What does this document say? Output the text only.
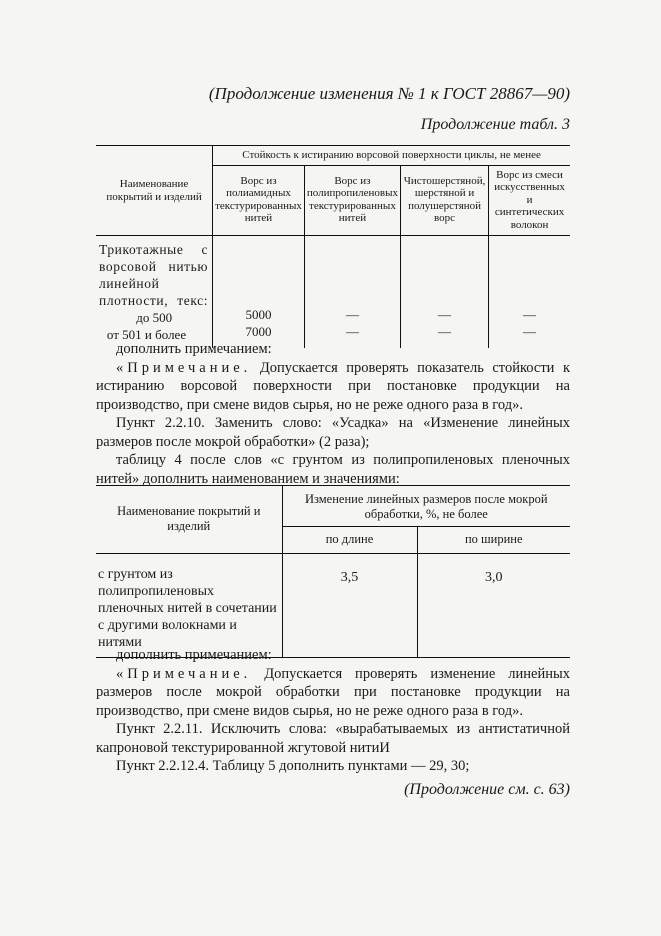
(Продолжение изменения № 1 к ГОСТ 28867—90)
Продолжение табл. 3
Наименование покрытий и изделий	Стойкость к истиранию ворсовой поверхности циклы, не менее			
	Ворс из полиамидных текстурированных нитей	Ворс из полипропиленовых текстурированных нитей	Чистошерстяной, шерстяной и полушерстяной ворс	Ворс из смеси искусственных и синтетических волокон
Трикотажные с ворсовой нитью линейной плотности, текс:				
до 500	5000	—	—	—
от 501 и более	7000	—	—	—
дополнить примечанием:
«Примечание. Допускается проверять показатель стойкости к истиранию ворсовой поверхности при постановке продукции на производство, при смене видов сырья, но не реже одного раза в год».
Пункт 2.2.10. Заменить слово: «Усадка» на «Изменение линейных размеров после мокрой обработки» (2 раза);
таблицу 4 после слов «с грунтом из полипропиленовых пленочных нитей» дополнить наименованием и значениями:
Наименование покрытий и изделий	Изменение линейных размеров после мокрой обработки, %, не более	
	по длине	по ширине
с грунтом из полипропиленовых пленочных нитей в сочетании с другими волокнами и нитями	3,5	3,0
дополнить примечанием:
«Примечание. Допускается проверять изменение линейных размеров после мокрой обработки при постановке продукции на производство, при смене видов сырья, но не реже одного раза в год».
Пункт 2.2.11. Исключить слова: «вырабатываемых из антистатичной капроновой текстурированной жгутовой нитиИ
Пункт 2.2.12.4. Таблицу 5 дополнить пунктами — 29, 30;
(Продолжение см. с. 63)
